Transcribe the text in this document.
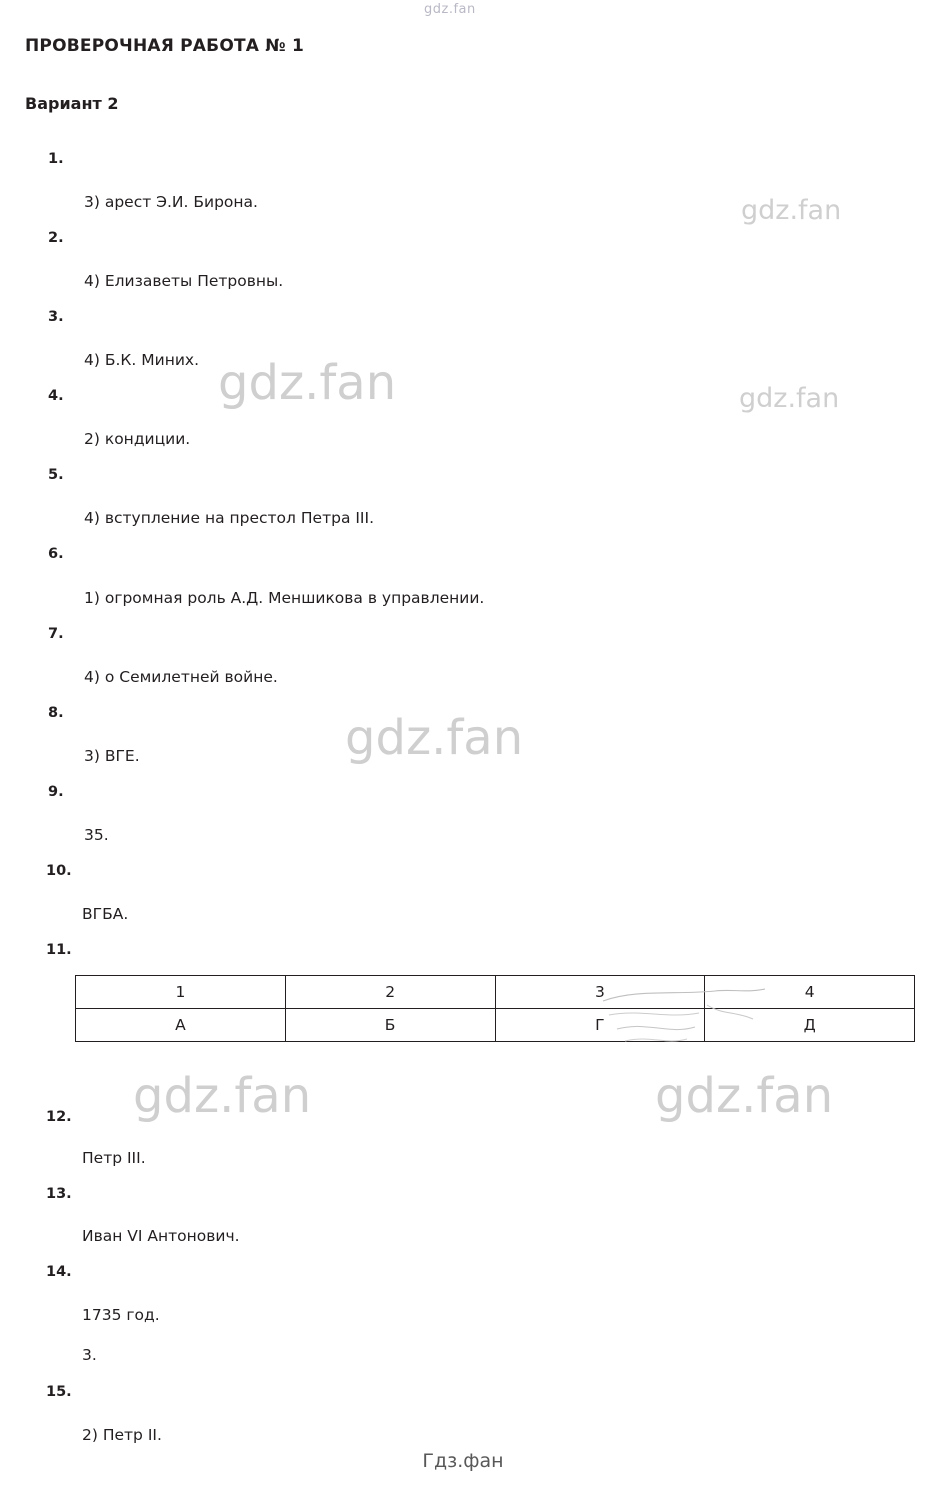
gdz.fan
gdz.fan
gdz.fan
gdz.fan
gdz.fan
gdz.fan	gdz.fan
Гдз.фан
ПРОВЕРОЧНАЯ РАБОТА № 1
Вариант 2
1.
3) арест Э.И. Бирона.
2.
4) Елизаветы Петровны.
3.
4) Б.К. Миних.
4.
2) кондиции.
5.
4) вступление на престол Петра III.
6.
1) огромная роль А.Д. Меншикова в управлении.
7.
4) о Семилетней войне.
8.
3) ВГЕ.
9.
35.
10.
ВГБА.
11.
12.
Петр III.
13.
Иван VI Антонович.
14.
1735 год.
3.
15.
2) Петр II.
1	2	3	4
А	Б	Г	Д
